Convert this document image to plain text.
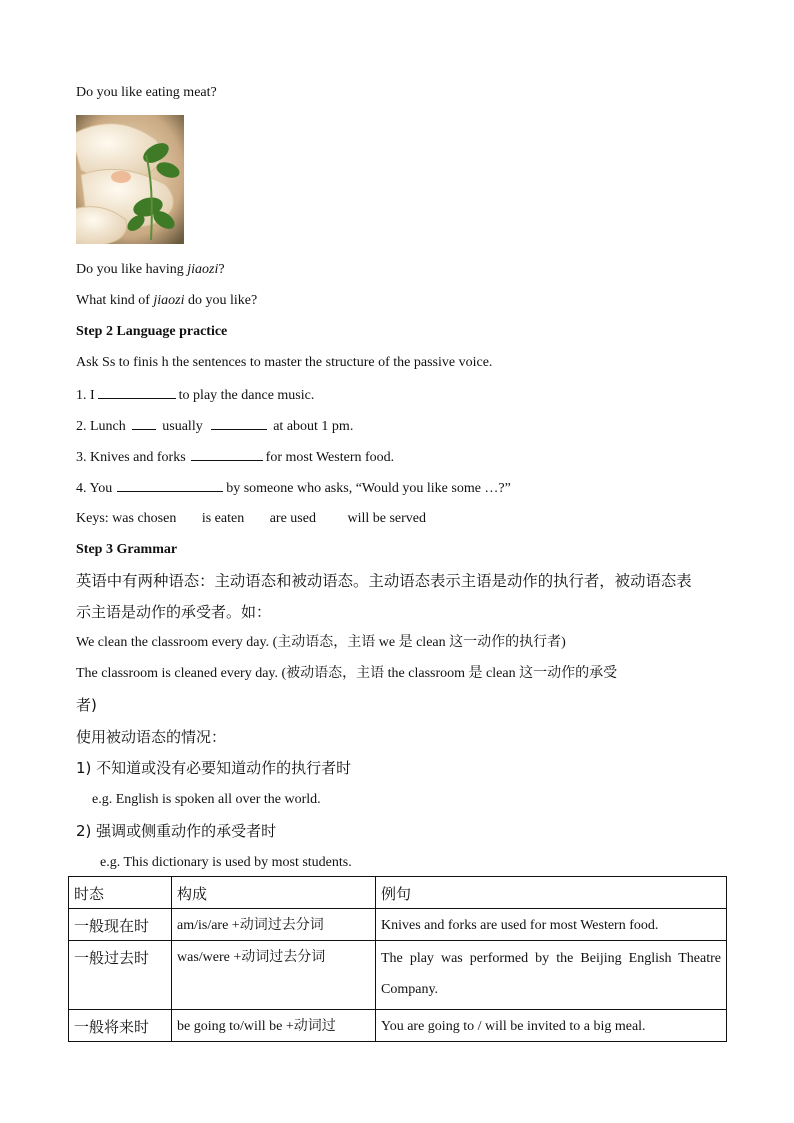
Do you like eating meat?
Do you like having jiaozi?
What kind of jiaozi do you like?
Step 2 Language practice
Ask Ss to finis h the sentences to master the structure of the passive voice.
1. I	to play the dance music.
2. Lunch	usually	at about 1 pm.
3. Knives and forks	for most Western food.
4. You	by someone who asks, “Would you like some …?”
Keys: was chosen is eaten are used will be served
Step 3 Grammar
英语中有两种语态：主动语态和被动语态。主动语态表示主语是动作的执行者，被动语态表
示主语是动作的承受者。如：
We clean the classroom every day. (主动语态，主语 we 是 clean 这一动作的执行者)
The classroom is cleaned every day. (被动语态，主语 the classroom 是 clean 这一动作的承受
者)
使用被动语态的情况：
1) 不知道或没有必要知道动作的执行者时
e.g. English is spoken all over the world.
2) 强调或侧重动作的承受者时
e.g. This dictionary is used by most students.
时态	构成	例句
一般现在时	am/is/are +动词过去分词	Knives and forks are used for most Western food.
一般过去时	was/were +动词过去分词	The play was performed by the Beijing English Theatre Company.
一般将来时	be going to/will be +动词过	You are going to / will be invited to a big meal.
